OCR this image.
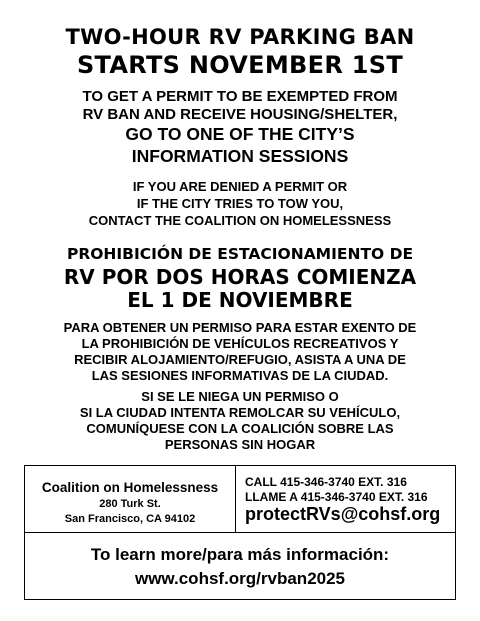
TWO-HOUR RV PARKING BAN
STARTS NOVEMBER 1ST
TO GET A PERMIT TO BE EXEMPTED FROM
RV BAN AND RECEIVE HOUSING/SHELTER,
GO TO ONE OF THE CITY’S
INFORMATION SESSIONS
IF YOU ARE DENIED A PERMIT OR
IF THE CITY TRIES TO TOW YOU,
CONTACT THE COALITION ON HOMELESSNESS
PROHIBICIÓN DE ESTACIONAMIENTO DE
RV POR DOS HORAS COMIENZA
EL 1 DE NOVIEMBRE
PARA OBTENER UN PERMISO PARA ESTAR EXENTO DE
LA PROHIBICIÓN DE VEHÍCULOS RECREATIVOS Y
RECIBIR ALOJAMIENTO/REFUGIO, ASISTA A UNA DE
LAS SESIONES INFORMATIVAS DE LA CIUDAD.
SI SE LE NIEGA UN PERMISO O
SI LA CIUDAD INTENTA REMOLCAR SU VEHÍCULO,
COMUNÍQUESE CON LA COALICIÓN SOBRE LAS
PERSONAS SIN HOGAR
Coalition on Homelessness
280 Turk St.
San Francisco, CA 94102
CALL 415-346-3740 EXT. 316
LLAME A 415-346-3740 EXT. 316
protectRVs@cohsf.org
To learn more/para más información:
www.cohsf.org/rvban2025
